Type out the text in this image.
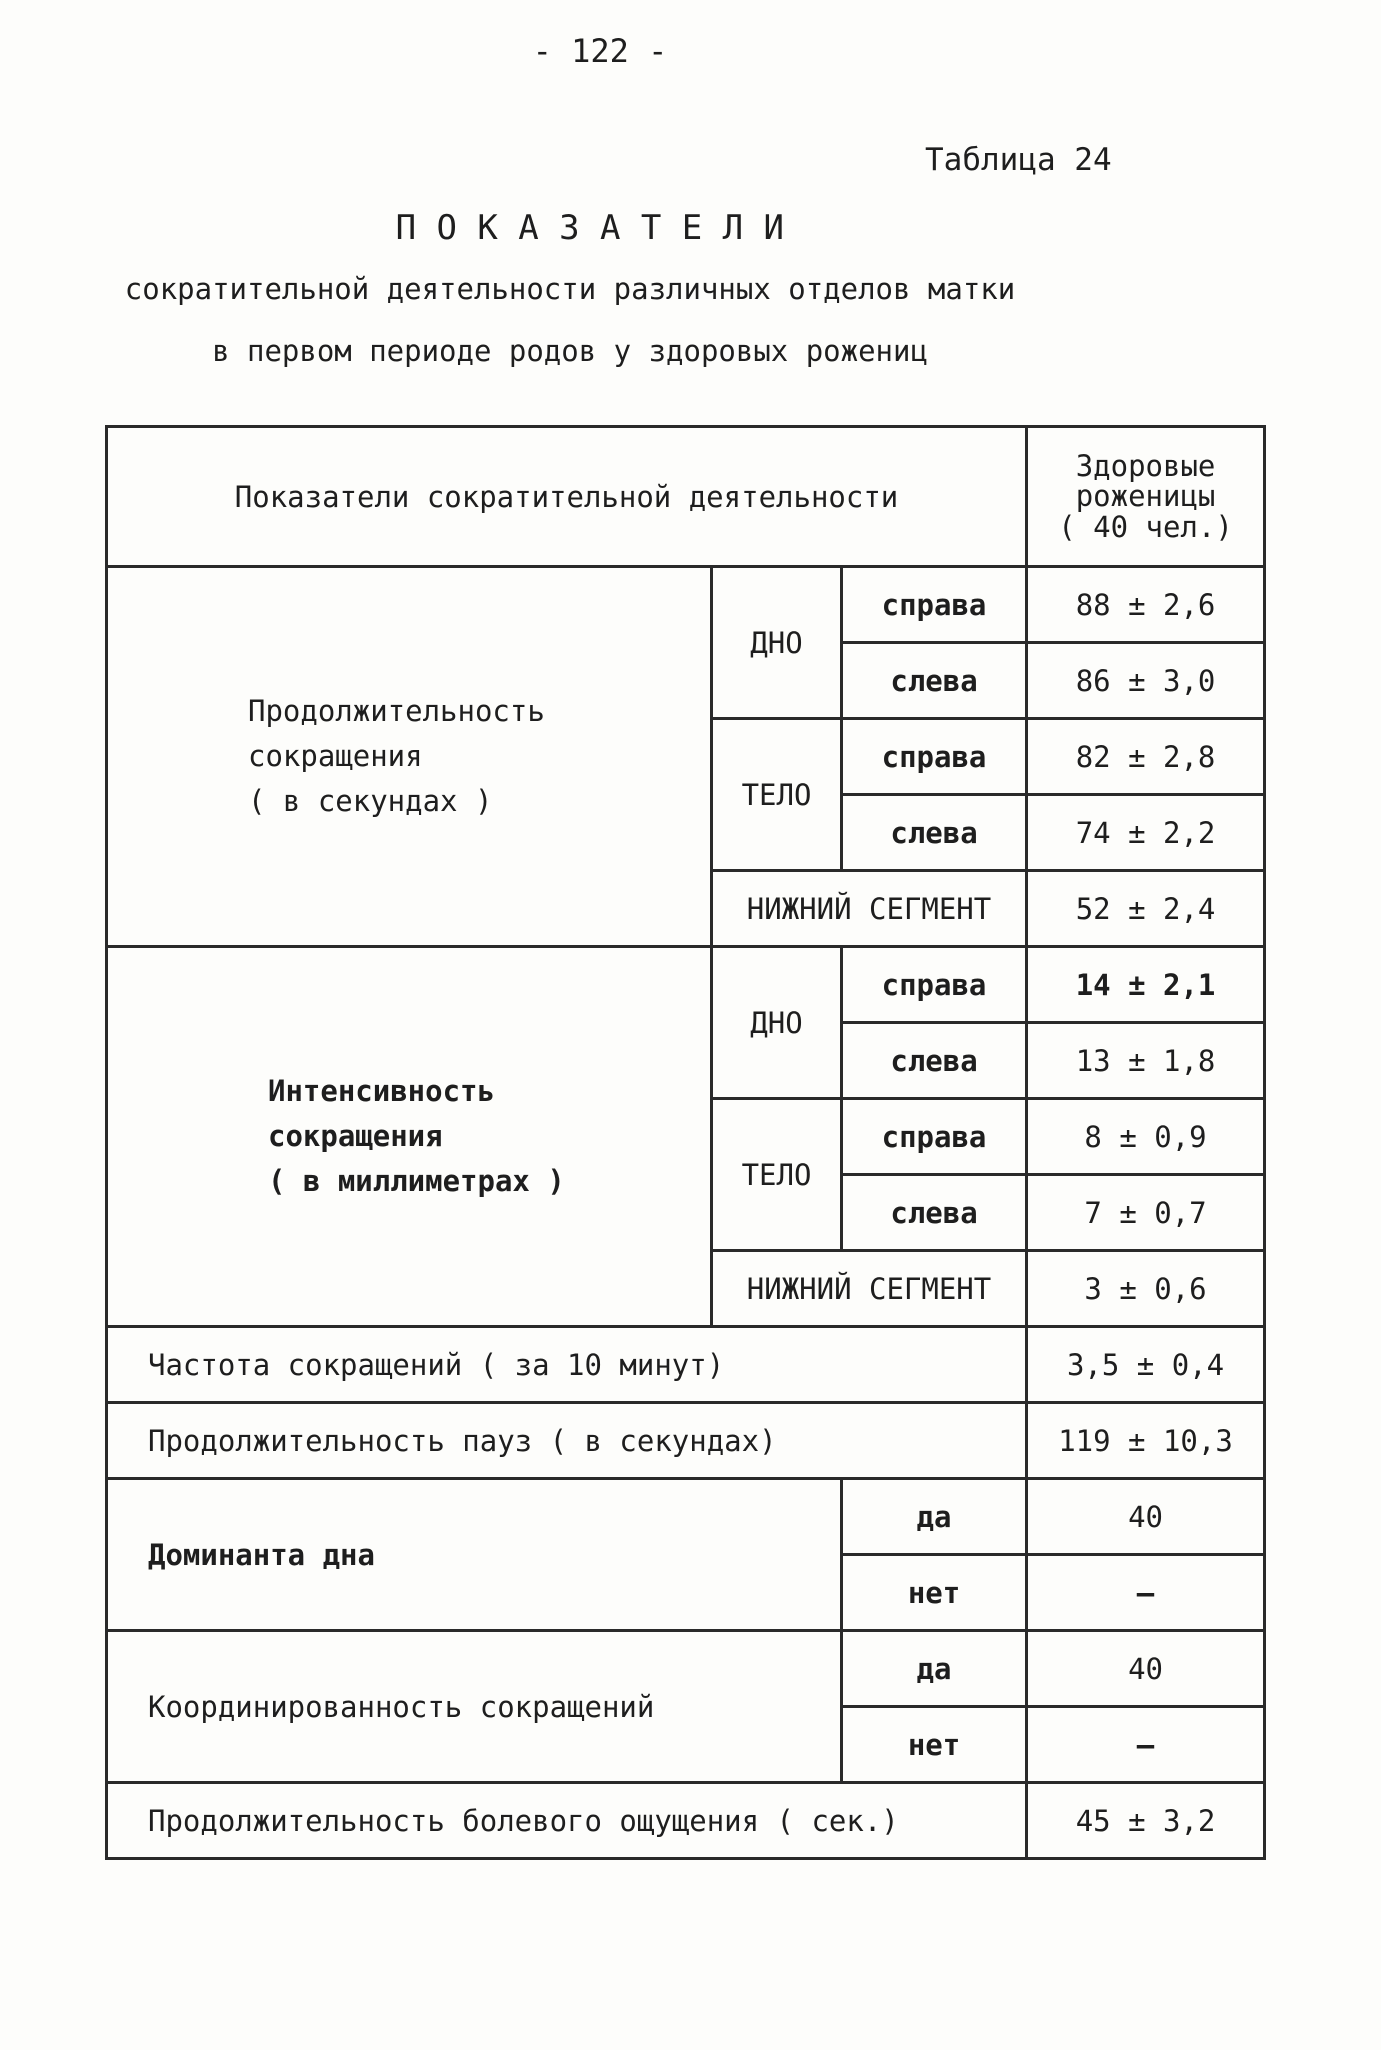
- 122 -
Таблица 24
ПОКАЗАТЕЛИ
сократительной деятельности различных отделов матки
в первом периоде родов у здоровых рожениц
Показатели сократительной деятельности			Здоровые
роженицы
( 40 чел.)

Продолжительность
сокращения
( в секундах )	ДНО	справа	88 ± 2,6
		слева	86 ± 3,0
	ТЕЛО	справа	82 ± 2,8
		слева	74 ± 2,2
	НИЖНИЙ СЕГМЕНТ		52 ± 2,4

Интенсивность
сокращения
( в миллиметрах )	ДНО	справа	14 ± 2,1
		слева	13 ± 1,8
	ТЕЛО	справа	8 ± 0,9
		слева	7 ± 0,7
	НИЖНИЙ СЕГМЕНТ		3 ± 0,6
Частота сокращений ( за 10 минут)			3,5 ± 0,4
Продолжительность пауз ( в секундах)			119 ± 10,3
Доминанта дна		да	40
		нет	—
Координированность сокращений		да	40
		нет	—
Продолжительность болевого ощущения ( сек.)			45 ± 3,2
